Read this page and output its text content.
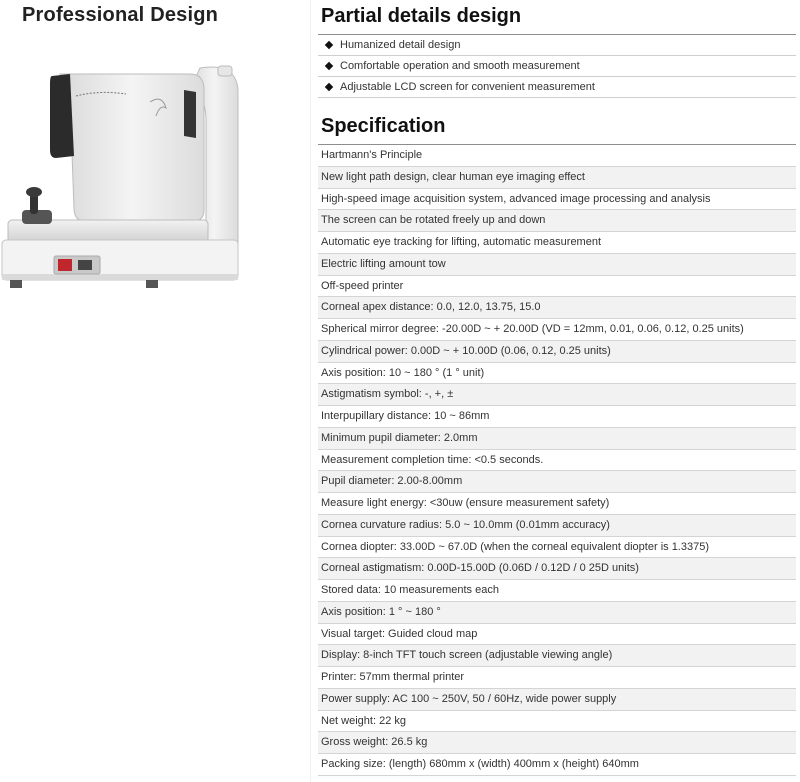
Professional Design	Partial details design
Humanized detail design
Comfortable operation and smooth measurement
Adjustable LCD screen for convenient measurement
Specification
Hartmann's Principle
New light path design, clear human eye imaging effect
High-speed image acquisition system, advanced image processing and analysis
The screen can be rotated freely up and down
Automatic eye tracking for lifting, automatic measurement
Electric lifting amount tow
Off-speed printer
Corneal apex distance: 0.0, 12.0, 13.75, 15.0
Spherical mirror degree: -20.00D ~ + 20.00D (VD = 12mm, 0.01, 0.06, 0.12, 0.25 units)
Cylindrical power: 0.00D ~ + 10.00D (0.06, 0.12, 0.25 units)
Axis position: 10 ~ 180 ° (1 ° unit)
Astigmatism symbol: -, +, ±
Interpupillary distance: 10 ~ 86mm
Minimum pupil diameter: 2.0mm
Measurement completion time: <0.5 seconds.
Pupil diameter: 2.00-8.00mm
Measure light energy: <30uw (ensure measurement safety)
Cornea curvature radius: 5.0 ~ 10.0mm (0.01mm accuracy)
Cornea diopter: 33.00D ~ 67.0D (when the corneal equivalent diopter is 1.3375)
Corneal astigmatism: 0.00D-15.00D (0.06D / 0.12D / 0 25D units)
Stored data: 10 measurements each
Axis position: 1 ° ~ 180 °
Visual target: Guided cloud map
Display: 8-inch TFT touch screen (adjustable viewing angle)
Printer: 57mm thermal printer
Power supply: AC 100 ~ 250V, 50 / 60Hz, wide power supply
Net weight: 22 kg
Gross weight: 26.5 kg
Packing size: (length) 680mm x (width) 400mm x (height) 640mm
